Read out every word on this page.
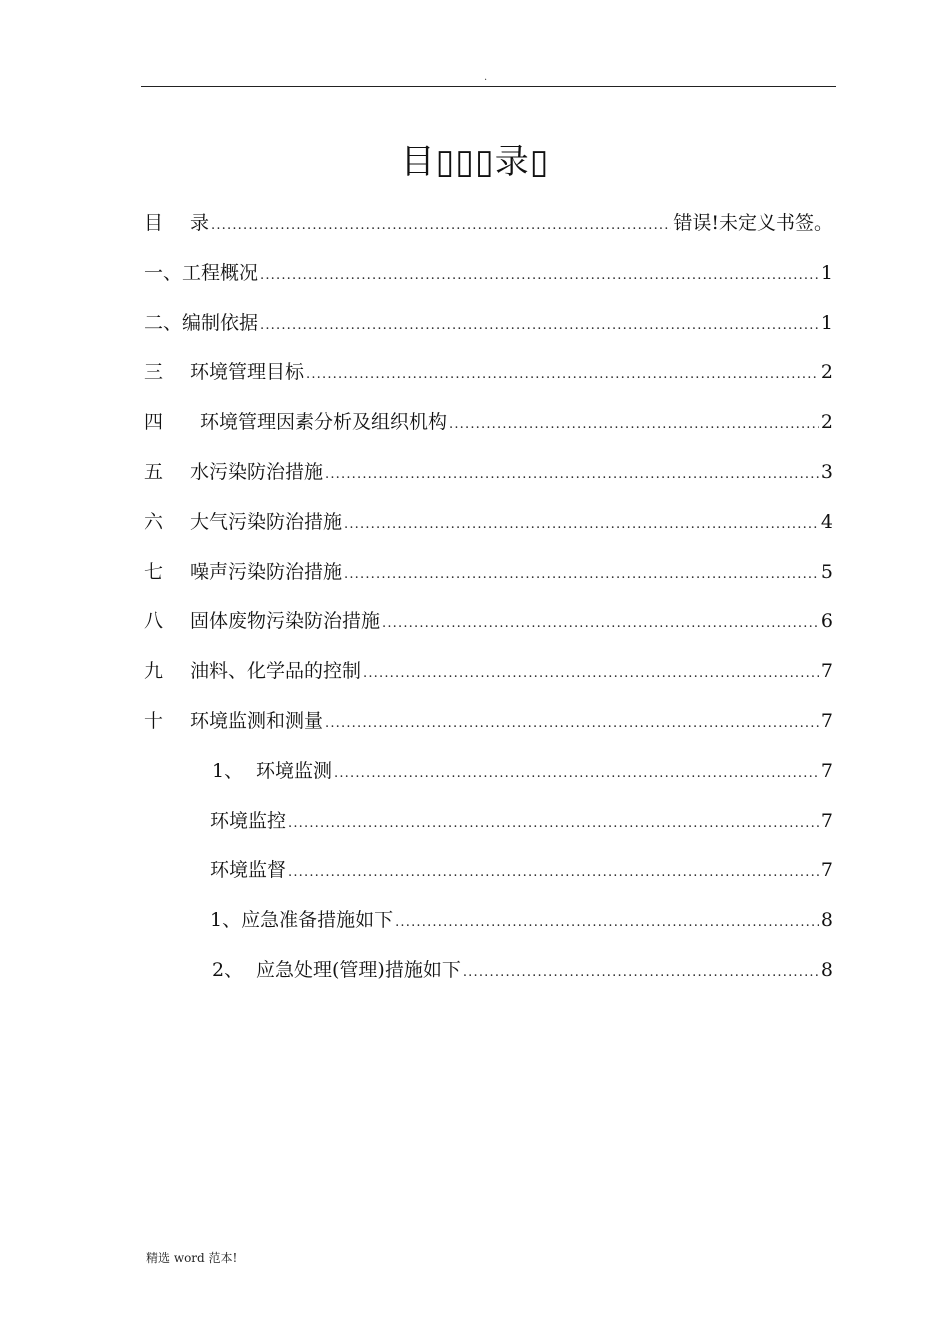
.
目▯▯▯录▯
目	录 .....	错误!未定义书签。
一、工程概况 .....	1
二、编制依据 .....	1
三	环境管理目标 .....	2
四	环境管理因素分析及组织机构 .....	2
五	水污染防治措施 .....	3
六	大气污染防治措施 .....	4
七	噪声污染防治措施 .....	5
八	固体废物污染防治措施 .....	6
九	油料、化学品的控制 .....	7
十	环境监测和测量 .....	7
1、 环境监测 .....	7
环境监控 .....	7
环境监督 .....	7
1、应急准备措施如下 .....	8
2、 应急处理(管理)措施如下 .....	8
精选 word 范本!
